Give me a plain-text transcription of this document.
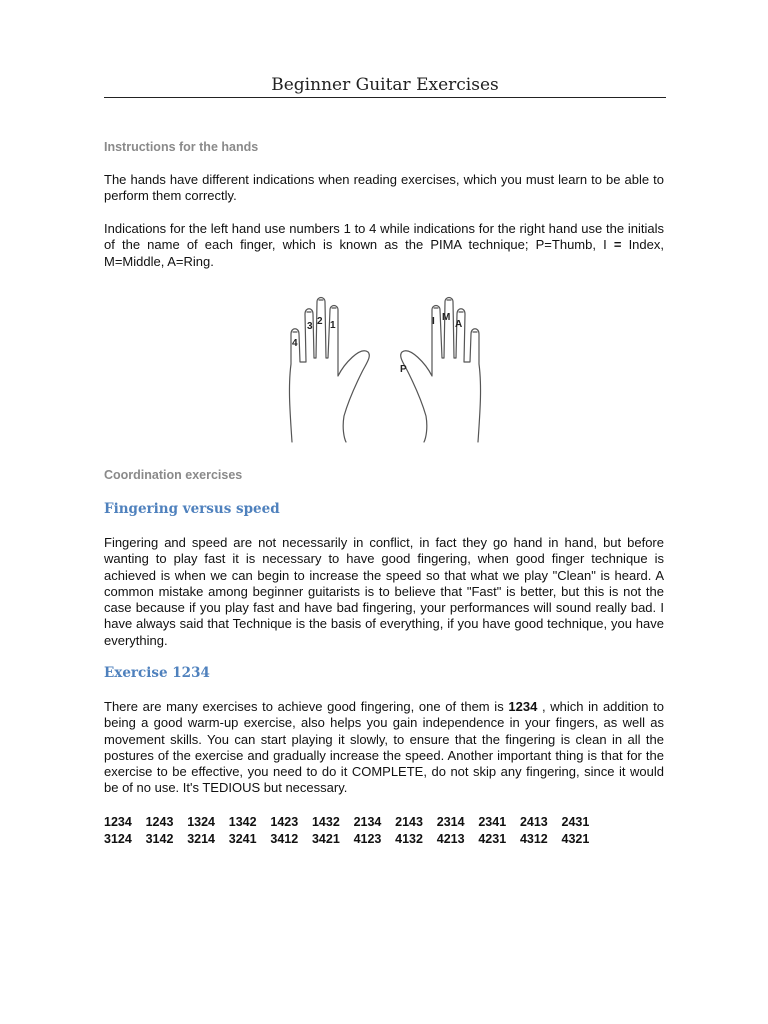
Beginner Guitar Exercises
Instructions for the hands
The hands have different indications when reading exercises, which you must learn to be able to perform them correctly.
Indications for the left hand use numbers 1 to 4 while indications for the right hand use the initials of the name of each finger, which is known as the PIMA technique; P=Thumb, I = Index, M=Middle, A=Ring.
4
3 2 1	I M
A
P
Coordination exercises
Fingering versus speed
Fingering and speed are not necessarily in conflict, in fact they go hand in hand, but before wanting to play fast it is necessary to have good fingering, when good finger technique is achieved is when we can begin to increase the speed so that what we play "Clean" is heard. A common mistake among beginner guitarists is to believe that "Fast" is better, but this is not the case because if you play fast and have bad fingering, your performances will sound really bad. I have always said that Technique is the basis of everything, if you have good technique, you have everything.
Exercise 1234
There are many exercises to achieve good fingering, one of them is 1234 , which in addition to being a good warm-up exercise, also helps you gain independence in your fingers, as well as movement skills. You can start playing it slowly, to ensure that the fingering is clean in all the postures of the exercise and gradually increase the speed. Another important thing is that for the exercise to be effective, you need to do it COMPLETE, do not skip any fingering, since it would be of no use. It's TEDIOUS but necessary.
1234	1243	1324	1342	1423	1432	2134	2143	2314	2341	2413	2431
3124	3142	3214	3241	3412	3421	4123	4132	4213	4231	4312	4321
